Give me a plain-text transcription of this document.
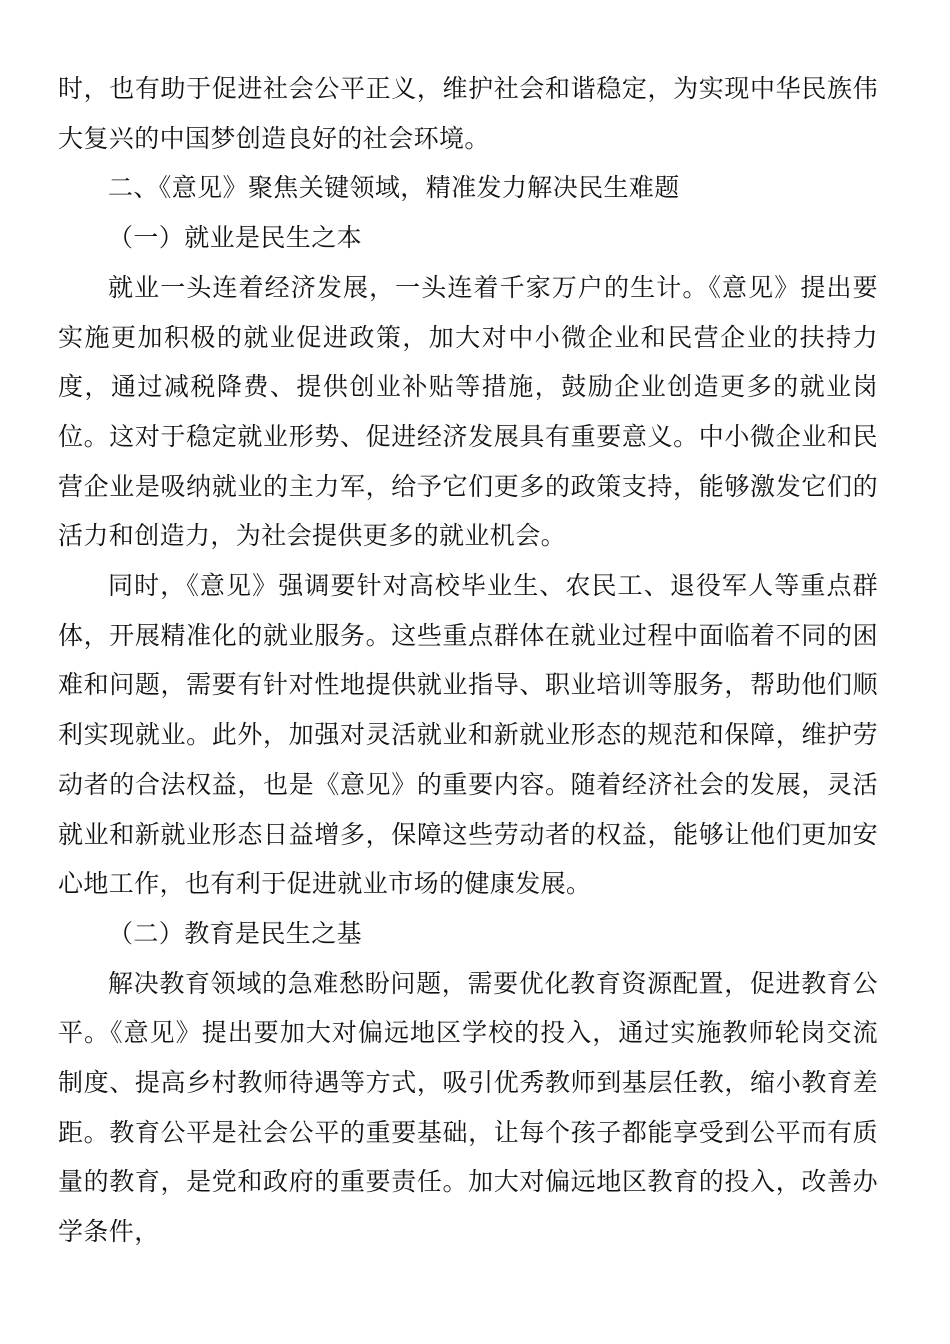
时，也有助于促进社会公平正义，维护社会和谐稳定，为实现中华民族伟大复兴的中国梦创造良好的社会环境。

二、《意见》聚焦关键领域，精准发力解决民生难题

（一）就业是民生之本

就业一头连着经济发展，一头连着千家万户的生计。《意见》提出要实施更加积极的就业促进政策，加大对中小微企业和民营企业的扶持力度，通过减税降费、提供创业补贴等措施，鼓励企业创造更多的就业岗位。这对于稳定就业形势、促进经济发展具有重要意义。中小微企业和民营企业是吸纳就业的主力军，给予它们更多的政策支持，能够激发它们的活力和创造力，为社会提供更多的就业机会。

同时，《意见》强调要针对高校毕业生、农民工、退役军人等重点群体，开展精准化的就业服务。这些重点群体在就业过程中面临着不同的困难和问题，需要有针对性地提供就业指导、职业培训等服务，帮助他们顺利实现就业。此外，加强对灵活就业和新就业形态的规范和保障，维护劳动者的合法权益，也是《意见》的重要内容。随着经济社会的发展，灵活就业和新就业形态日益增多，保障这些劳动者的权益，能够让他们更加安心地工作，也有利于促进就业市场的健康发展。

（二）教育是民生之基

解决教育领域的急难愁盼问题，需要优化教育资源配置，促进教育公平。《意见》提出要加大对偏远地区学校的投入，通过实施教师轮岗交流制度、提高乡村教师待遇等方式，吸引优秀教师到基层任教，缩小教育差距。教育公平是社会公平的重要基础，让每个孩子都能享受到公平而有质量的教育，是党和政府的重要责任。加大对偏远地区教育的投入，改善办学条件，
